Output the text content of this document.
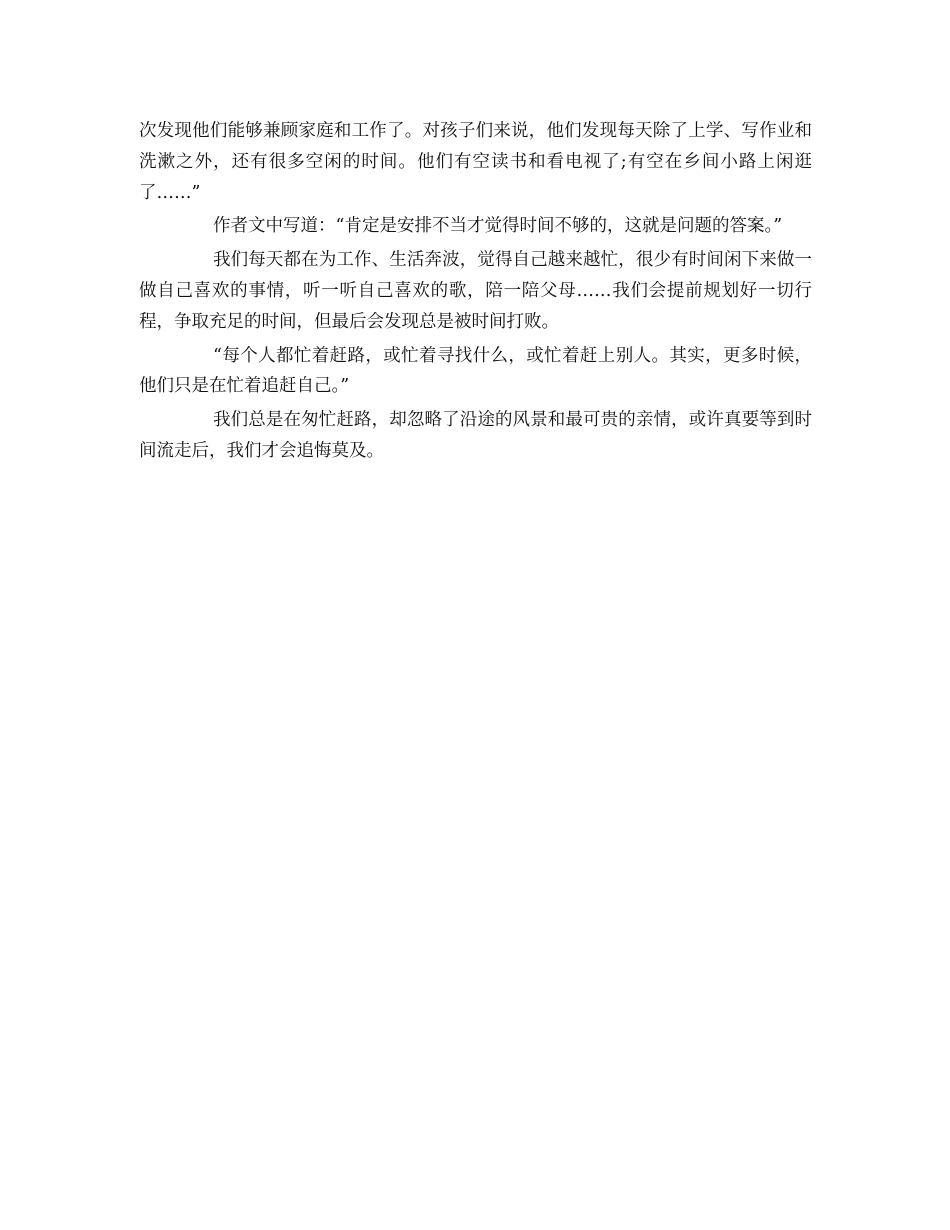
次发现他们能够兼顾家庭和工作了。对孩子们来说，他们发现每天除了上学、写作业和洗漱之外，还有很多空闲的时间。他们有空读书和看电视了;有空在乡间小路上闲逛了……”

作者文中写道：“肯定是安排不当才觉得时间不够的，这就是问题的答案。”

我们每天都在为工作、生活奔波，觉得自己越来越忙，很少有时间闲下来做一做自己喜欢的事情，听一听自己喜欢的歌，陪一陪父母……我们会提前规划好一切行程，争取充足的时间，但最后会发现总是被时间打败。

“每个人都忙着赶路，或忙着寻找什么，或忙着赶上别人。其实，更多时候，他们只是在忙着追赶自己。”

我们总是在匆忙赶路，却忽略了沿途的风景和最可贵的亲情，或许真要等到时间流走后，我们才会追悔莫及。
